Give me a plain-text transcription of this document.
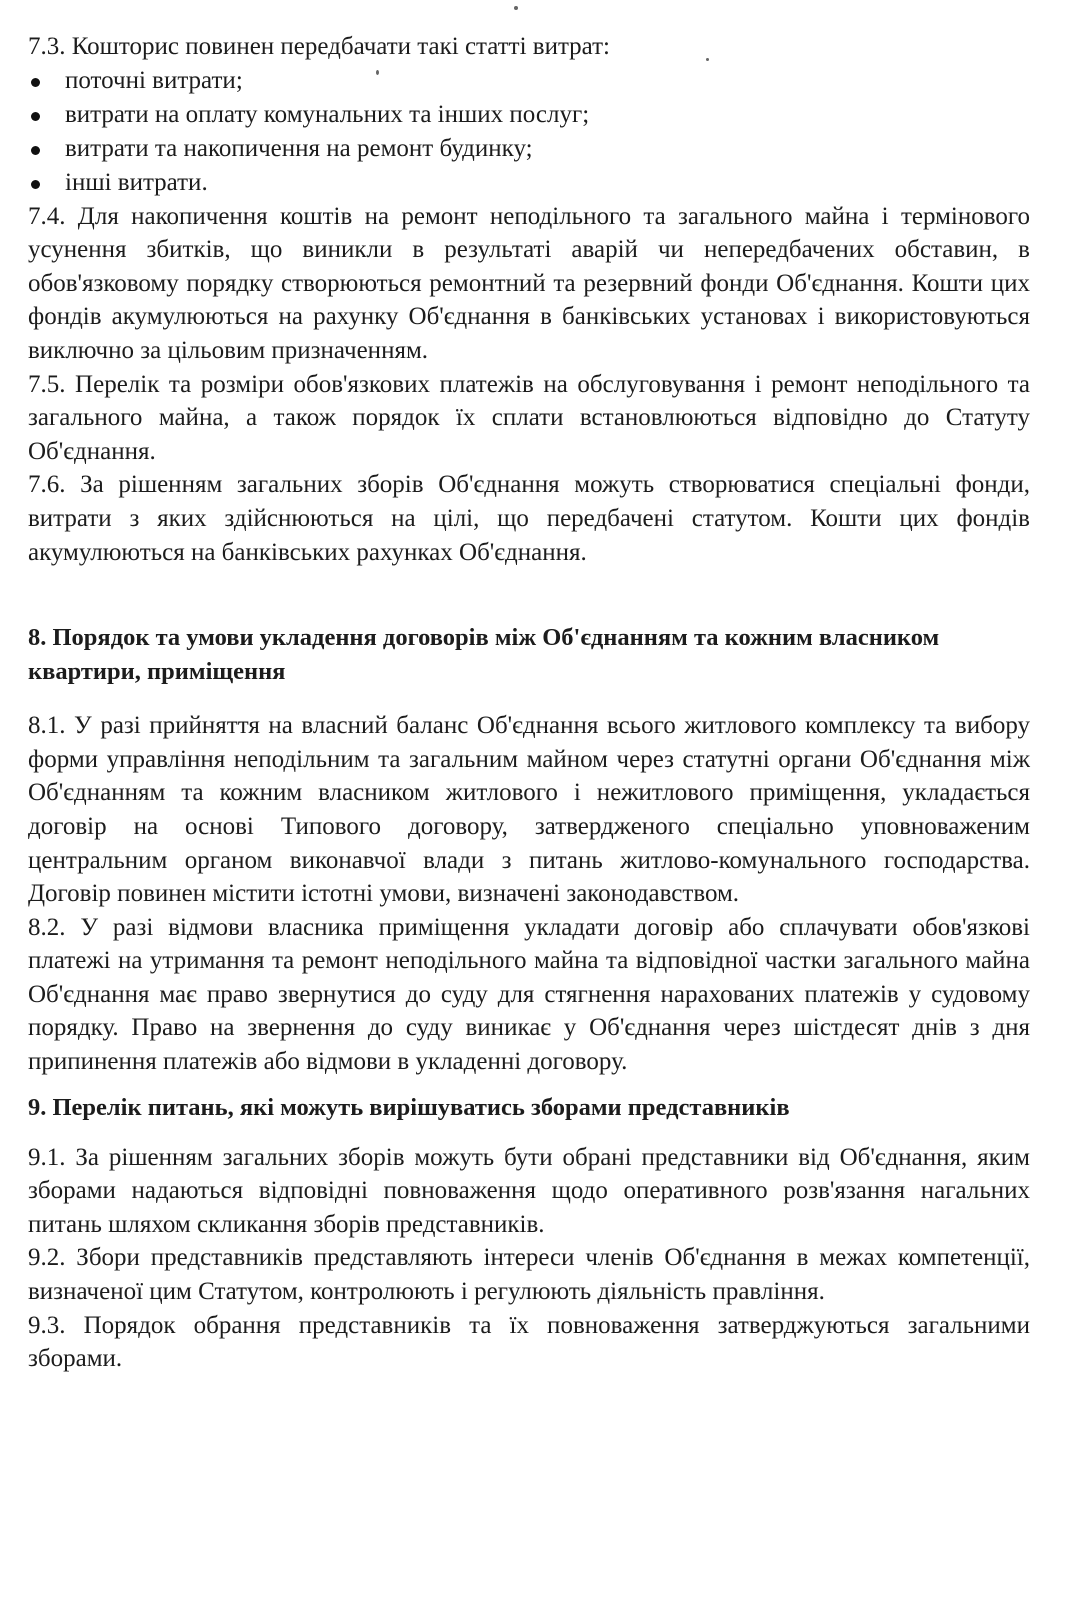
7.3. Кошторис повинен передбачати такі статті витрат:

поточні витрати;
витрати на оплату комунальних та інших послуг;
витрати та накопичення на ремонт будинку;
інші витрати.

7.4. Для накопичення коштів на ремонт неподільного та загального майна і термінового усунення збитків, що виникли в результаті аварій чи непередбачених обставин, в обов'язковому порядку створюються ремонтний та резервний фонди Об'єднання. Кошти цих фондів акумулюються на рахунку Об'єднання в банківських установах і використовуються виключно за цільовим призначенням.

7.5. Перелік та розміри обов'язкових платежів на обслуговування і ремонт неподільного та загального майна, а також порядок їх сплати встановлюються відповідно до Статуту Об'єднання.

7.6. За рішенням загальних зборів Об'єднання можуть створюватися спеціальні фонди, витрати з яких здійснюються на цілі, що передбачені статутом. Кошти цих фондів акумулюються на банківських рахунках Об'єднання.

8. Порядок та умови укладення договорів між Об'єднанням та кожним власником квартири, приміщення

8.1. У разі прийняття на власний баланс Об'єднання всього житлового комплексу та вибору форми управління неподільним та загальним майном через статутні органи Об'єднання між Об'єднанням та кожним власником житлового і нежитлового приміщення, укладається договір на основі Типового договору, затвердженого спеціально уповноваженим центральним органом виконавчої влади з питань житлово-комунального господарства. Договір повинен містити істотні умови, визначені законодавством.

8.2. У разі відмови власника приміщення укладати договір або сплачувати обов'язкові платежі на утримання та ремонт неподільного майна та відповідної частки загального майна Об'єднання має право звернутися до суду для стягнення нарахованих платежів у судовому порядку. Право на звернення до суду виникає у Об'єднання через шістдесят днів з дня припинення платежів або відмови в укладенні договору.

9. Перелік питань, які можуть вирішуватись зборами представників

9.1. За рішенням загальних зборів можуть бути обрані представники від Об'єднання, яким зборами надаються відповідні повноваження щодо оперативного розв'язання нагальних питань шляхом скликання зборів представників.

9.2. Збори представників представляють інтереси членів Об'єднання в межах компетенції, визначеної цим Статутом, контролюють і регулюють діяльність правління.

9.3. Порядок обрання представників та їх повноваження затверджуються загальними зборами.
